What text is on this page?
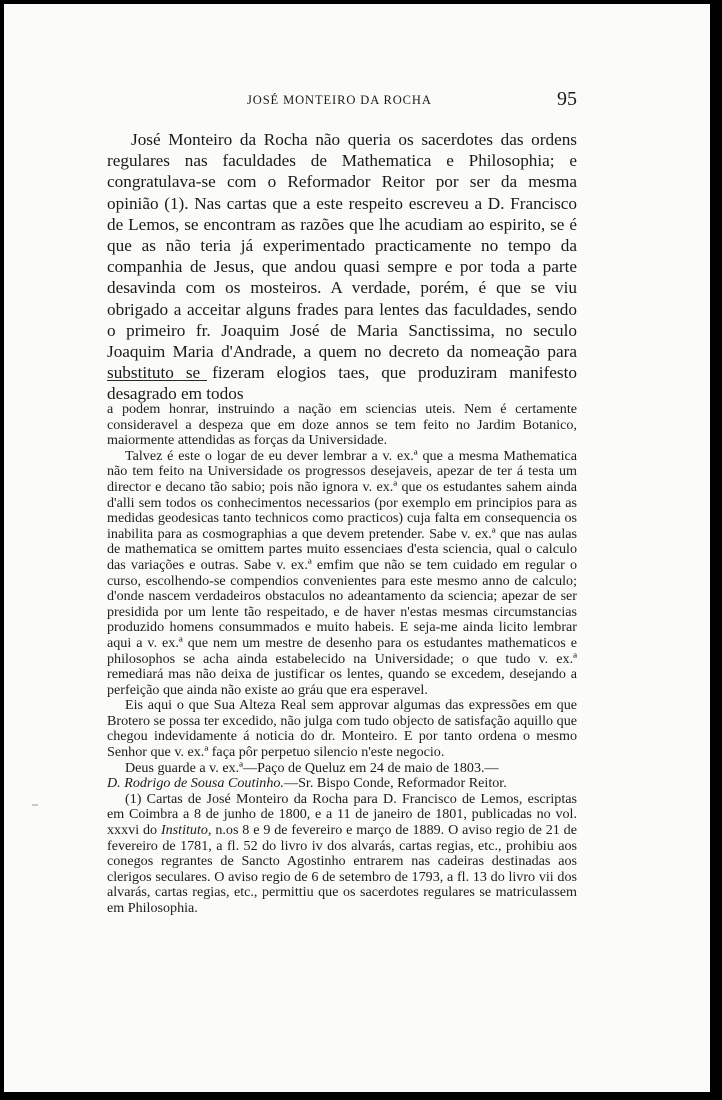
JOSÉ MONTEIRO DA ROCHA	95

José Monteiro da Rocha não queria os sacerdotes das ordens regulares nas faculdades de Mathematica e Philosophia; e congratulava-se com o Reformador Reitor por ser da mesma opinião (1). Nas cartas que a este respeito escreveu a D. Francisco de Lemos, se encontram as razões que lhe acudiam ao espirito, se é que as não teria já experimentado practicamente no tempo da companhia de Jesus, que andou quasi sempre e por toda a parte desavinda com os mosteiros. A verdade, porém, é que se viu obrigado a acceitar alguns frades para lentes das faculdades, sendo o primeiro fr. Joaquim José de Maria Sanctissima, no seculo Joaquim Maria d'Andrade, a quem no decreto da nomeação para substituto se fizeram elogios taes, que produziram manifesto desagrado em todos

a podem honrar, instruindo a nação em sciencias uteis. Nem é certamente consideravel a despeza que em doze annos se tem feito no Jardim Botanico, maiormente attendidas as forças da Universidade.

Talvez é este o logar de eu dever lembrar a v. ex.ª que a mesma Mathematica não tem feito na Universidade os progressos desejaveis, apezar de ter á testa um director e decano tão sabio; pois não ignora v. ex.ª que os estudantes sahem ainda d'alli sem todos os conhecimentos necessarios (por exemplo em principios para as medidas geodesicas tanto technicos como practicos) cuja falta em consequencia os inabilita para as cosmographias a que devem pretender. Sabe v. ex.ª que nas aulas de mathematica se omittem partes muito essenciaes d'esta sciencia, qual o calculo das variações e outras. Sabe v. ex.ª emfim que não se tem cuidado em regular o curso, escolhendo-se compendios convenientes para este mesmo anno de calculo; d'onde nascem verdadeiros obstaculos no adeantamento da sciencia; apezar de ser presidida por um lente tão respeitado, e de haver n'estas mesmas circumstancias produzido homens consummados e muito habeis. E seja-me ainda licito lembrar aqui a v. ex.ª que nem um mestre de desenho para os estudantes mathematicos e philosophos se acha ainda estabelecido na Universidade; o que tudo v. ex.ª remediará mas não deixa de justificar os lentes, quando se excedem, desejando a perfeição que ainda não existe ao gráu que era esperavel.

Eis aqui o que Sua Alteza Real sem approvar algumas das expressões em que Brotero se possa ter excedido, não julga com tudo objecto de satisfação aquillo que chegou indevidamente á noticia do dr. Monteiro. E por tanto ordena o mesmo Senhor que v. ex.ª faça pôr perpetuo silencio n'este negocio.

Deus guarde a v. ex.ª—Paço de Queluz em 24 de maio de 1803.—

D. Rodrigo de Sousa Coutinho.—Sr. Bispo Conde, Reformador Reitor.

(1) Cartas de José Monteiro da Rocha para D. Francisco de Lemos, escriptas em Coimbra a 8 de junho de 1800, e a 11 de janeiro de 1801, publicadas no vol. xxxvi do Instituto, n.os 8 e 9 de fevereiro e março de 1889. O aviso regio de 21 de fevereiro de 1781, a fl. 52 do livro iv dos alvarás, cartas regias, etc., prohibiu aos conegos regrantes de Sancto Agostinho entrarem nas cadeiras destinadas aos clerigos seculares. O aviso regio de 6 de setembro de 1793, a fl. 13 do livro vii dos alvarás, cartas regias, etc., permittiu que os sacerdotes regulares se matriculassem em Philosophia.
